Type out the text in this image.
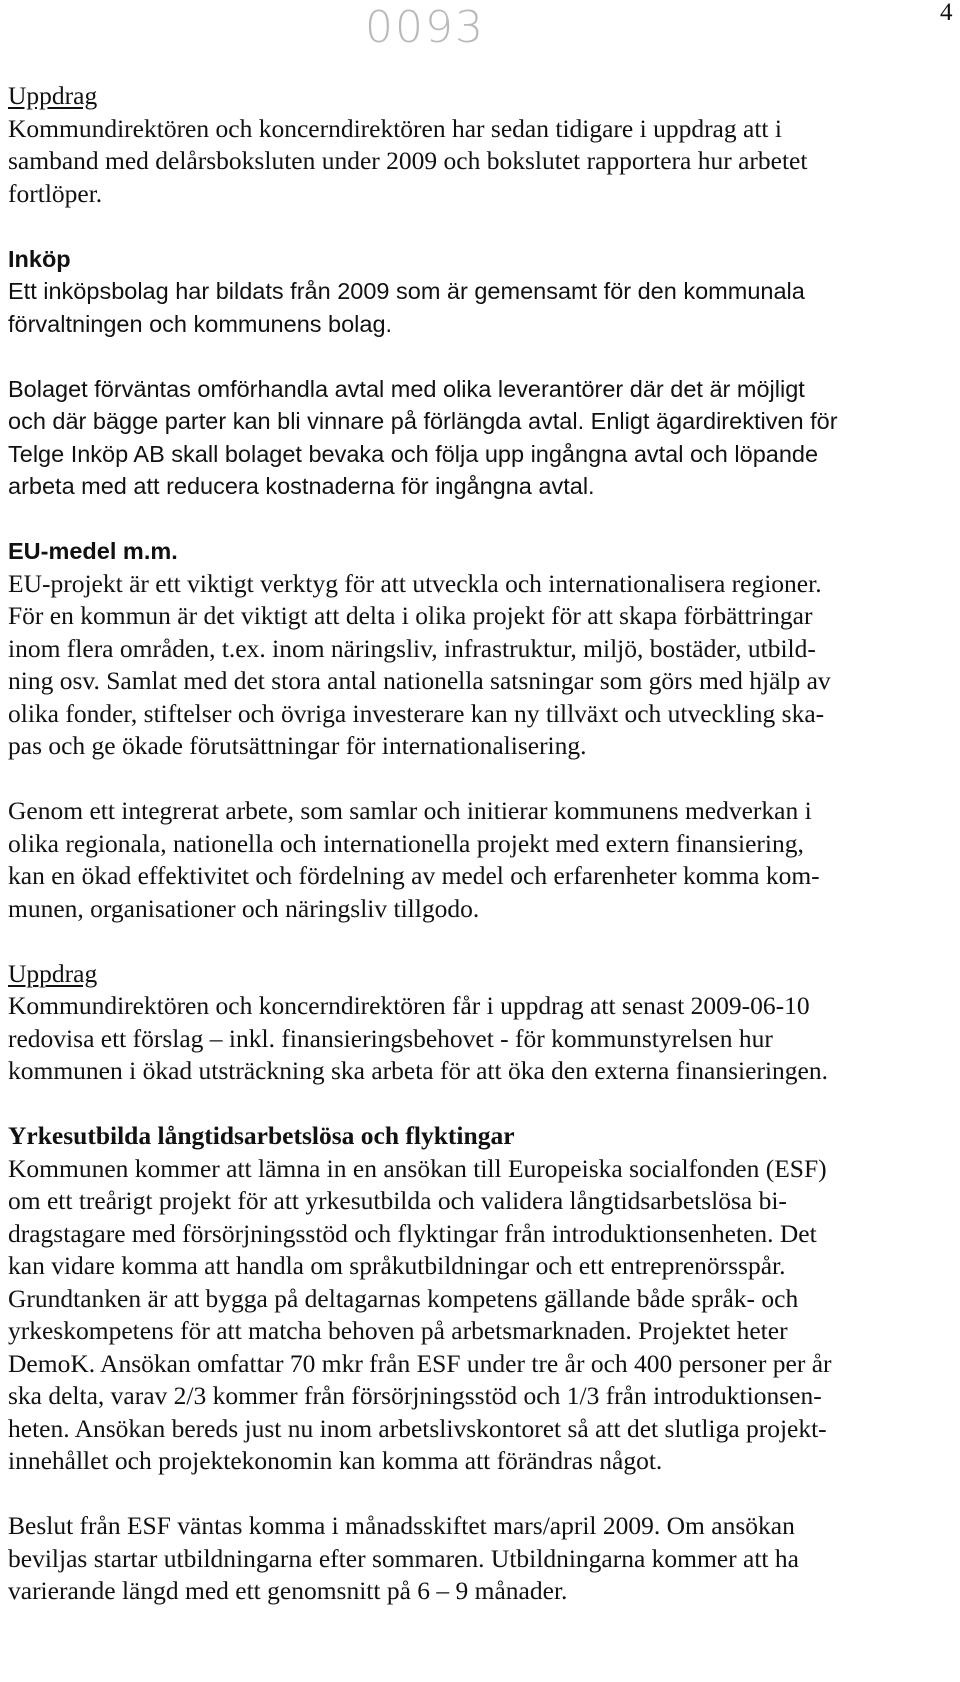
0093	4
Uppdrag
Kommundirektören och koncerndirektören har sedan tidigare i uppdrag att i
samband med delårsboksluten under 2009 och bokslutet rapportera hur arbetet
fortlöper.
Inköp
Ett inköpsbolag har bildats från 2009 som är gemensamt för den kommunala
förvaltningen och kommunens bolag.
Bolaget förväntas omförhandla avtal med olika leverantörer där det är möjligt
och där bägge parter kan bli vinnare på förlängda avtal. Enligt ägardirektiven för
Telge Inköp AB skall bolaget bevaka och följa upp ingångna avtal och löpande
arbeta med att reducera kostnaderna för ingångna avtal.
EU-medel m.m.
EU-projekt är ett viktigt verktyg för att utveckla och internationalisera regioner.
För en kommun är det viktigt att delta i olika projekt för att skapa förbättringar
inom flera områden, t.ex. inom näringsliv, infrastruktur, miljö, bostäder, utbild-
ning osv. Samlat med det stora antal nationella satsningar som görs med hjälp av
olika fonder, stiftelser och övriga investerare kan ny tillväxt och utveckling ska-
pas och ge ökade förutsättningar för internationalisering.
Genom ett integrerat arbete, som samlar och initierar kommunens medverkan i
olika regionala, nationella och internationella projekt med extern finansiering,
kan en ökad effektivitet och fördelning av medel och erfarenheter komma kom-
munen, organisationer och näringsliv tillgodo.
Uppdrag
Kommundirektören och koncerndirektören får i uppdrag att senast 2009-06-10
redovisa ett förslag – inkl. finansieringsbehovet - för kommunstyrelsen hur
kommunen i ökad utsträckning ska arbeta för att öka den externa finansieringen.
Yrkesutbilda långtidsarbetslösa och flyktingar
Kommunen kommer att lämna in en ansökan till Europeiska socialfonden (ESF)
om ett treårigt projekt för att yrkesutbilda och validera långtidsarbetslösa bi-
dragstagare med försörjningsstöd och flyktingar från introduktionsenheten. Det
kan vidare komma att handla om språkutbildningar och ett entreprenörsspår.
Grundtanken är att bygga på deltagarnas kompetens gällande både språk- och
yrkeskompetens för att matcha behoven på arbetsmarknaden. Projektet heter
DemoK. Ansökan omfattar 70 mkr från ESF under tre år och 400 personer per år
ska delta, varav 2/3 kommer från försörjningsstöd och 1/3 från introduktionsen-
heten. Ansökan bereds just nu inom arbetslivskontoret så att det slutliga projekt-
innehållet och projektekonomin kan komma att förändras något.
Beslut från ESF väntas komma i månadsskiftet mars/april 2009. Om ansökan
beviljas startar utbildningarna efter sommaren. Utbildningarna kommer att ha
varierande längd med ett genomsnitt på 6 – 9 månader.
